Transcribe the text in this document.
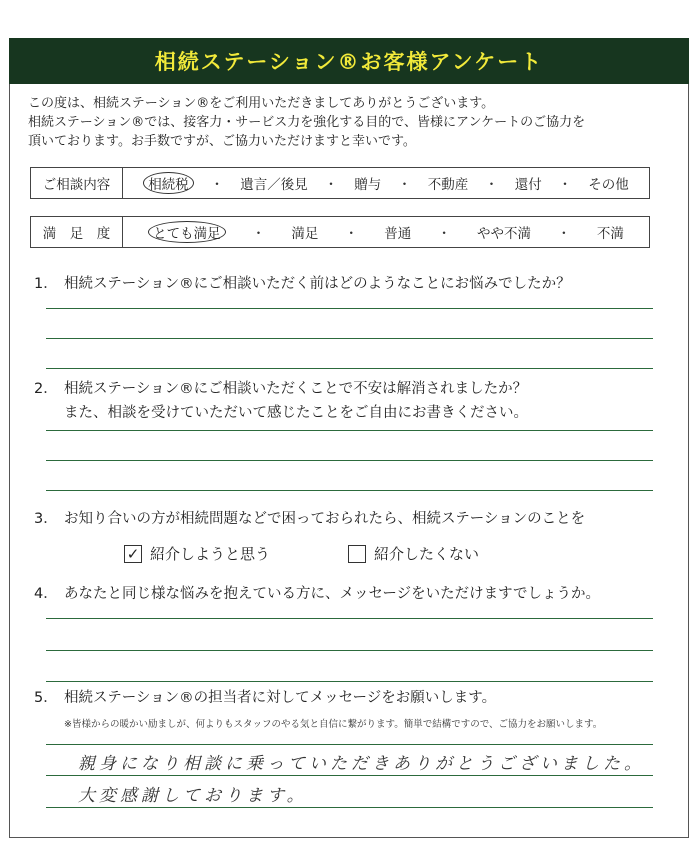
相続ステーション®お客様アンケート
この度は、相続ステーション®をご利用いただきましてありがとうございます。
相続ステーション®では、接客力・サービス力を強化する目的で、皆様にアンケートのご協力を
頂いております。お手数ですが、ご協力いただけますと幸いです。
ご相談内容	相続税	・ 遺言／後見 ・ 贈与 ・ 不動産 ・ 還付 ・ その他
満　足　度	とても満足	・ 満足 ・ 普通 ・ やや不満 ・ 不満
1． 相続ステーション®にご相談いただく前はどのようなことにお悩みでしたか？
2． 相続ステーション®にご相談いただくことで不安は解消されましたか？
また、相談を受けていただいて感じたことをご自由にお書きください。
3． お知り合いの方が相続問題などで困っておられたら、相続ステーションのことを
✓ 紹介しようと思う	紹介したくない
4． あなたと同じ様な悩みを抱えている方に、メッセージをいただけますでしょうか。
5． 相続ステーション®の担当者に対してメッセージをお願いします。
※皆様からの暖かい励ましが、何よりもスタッフのやる気と自信に繋がります。簡単で結構ですので、ご協力をお願いします。
親身になり相談に乗っていただきありがとうございました。
大変感謝しております。
